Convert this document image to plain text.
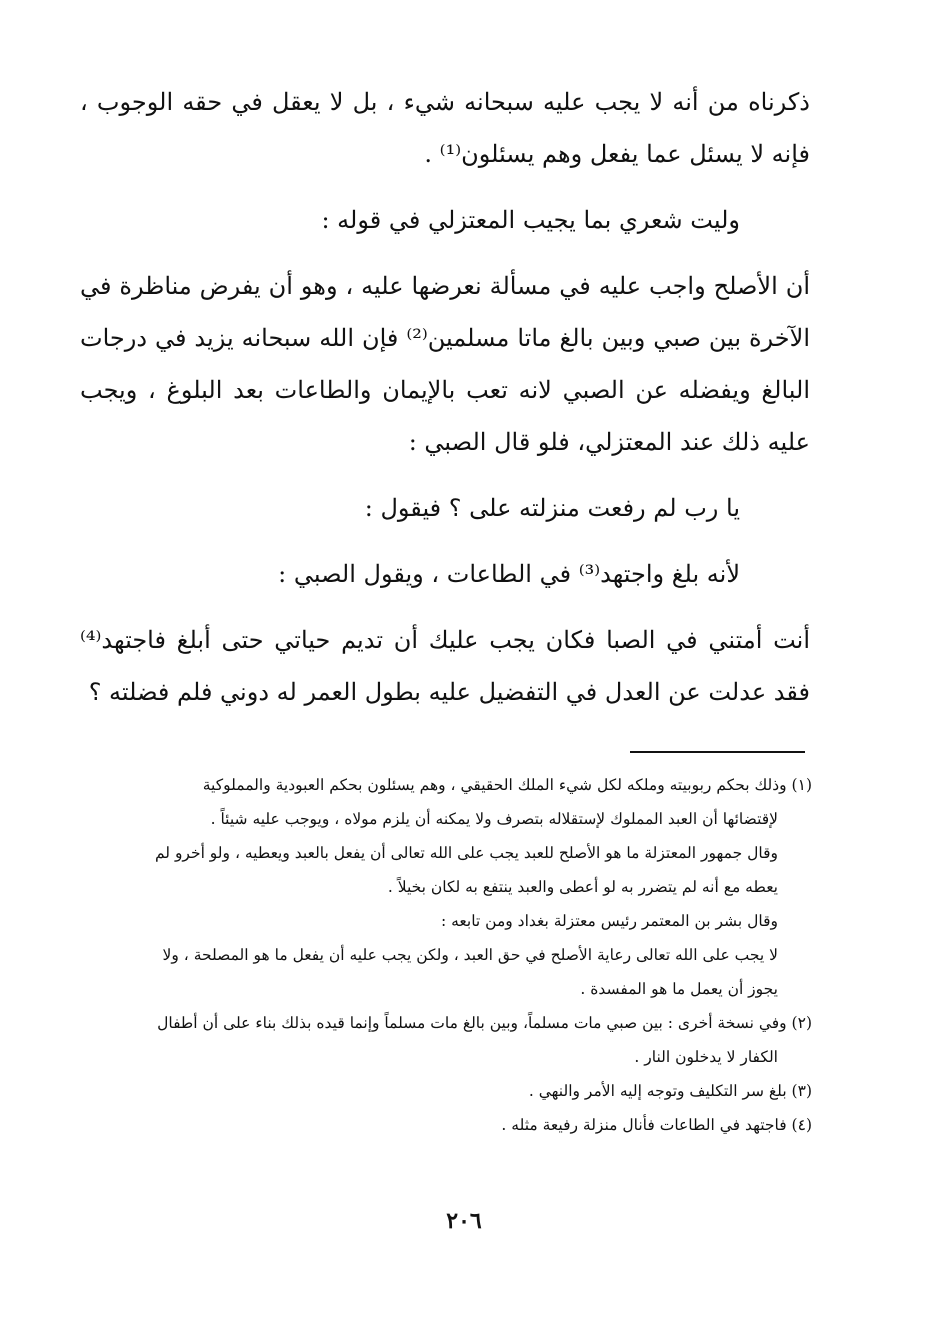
ذكرناه من أنه لا يجب عليه سبحانه شيء ، بل لا يعقل في حقه الوجوب ، فإنه لا يسئل عما يفعل وهم يسئلون⁽¹⁾ .

وليت شعري بما يجيب المعتزلي في قوله :

أن الأصلح واجب عليه في مسألة نعرضها عليه ، وهو أن يفرض مناظرة في الآخرة بين صبي وبين بالغ ماتا مسلمين⁽²⁾ فإن الله سبحانه يزيد في درجات البالغ ويفضله عن الصبي لانه تعب بالإيمان والطاعات بعد البلوغ ، ويجب عليه ذلك عند المعتزلي، فلو قال الصبي :

يا رب لم رفعت منزلته على ؟ فيقول :

لأنه بلغ واجتهد⁽³⁾ في الطاعات ، ويقول الصبي :

أنت أمتني في الصبا فكان يجب عليك أن تديم حياتي حتى أبلغ فاجتهد⁽⁴⁾ فقد عدلت عن العدل في التفضيل عليه بطول العمر له دوني فلم فضلته ؟

(١) وذلك بحكم ربوبيته وملكه لكل شيء الملك الحقيقي ، وهم يسئلون بحكم العبودية والمملوكية

لإقتضائها أن العبد المملوك لإستقلاله بتصرف ولا يمكنه أن يلزم مولاه ، ويوجب عليه شيئاً .

وقال جمهور المعتزلة ما هو الأصلح للعبد يجب على الله تعالى أن يفعل بالعبد ويعطيه ، ولو أخرو لم

يعطه مع أنه لم يتضرر به لو أعطى والعبد ينتفع به لكان بخيلاً .

وقال بشر بن المعتمر رئيس معتزلة بغداد ومن تابعه :

لا يجب على الله تعالى رعاية الأصلح في حق العبد ، ولكن يجب عليه أن يفعل ما هو المصلحة ، ولا

يجوز أن يعمل ما هو المفسدة .

(٢) وفي نسخة أخرى : بين صبي مات مسلماً، وبين بالغ مات مسلماً وإنما قيده بذلك بناء على أن أطفال

الكفار لا يدخلون النار .

(٣) بلغ سر التكليف وتوجه إليه الأمر والنهي .

(٤) فاجتهد في الطاعات فأنال منزلة رفيعة مثله .

٢٠٦
